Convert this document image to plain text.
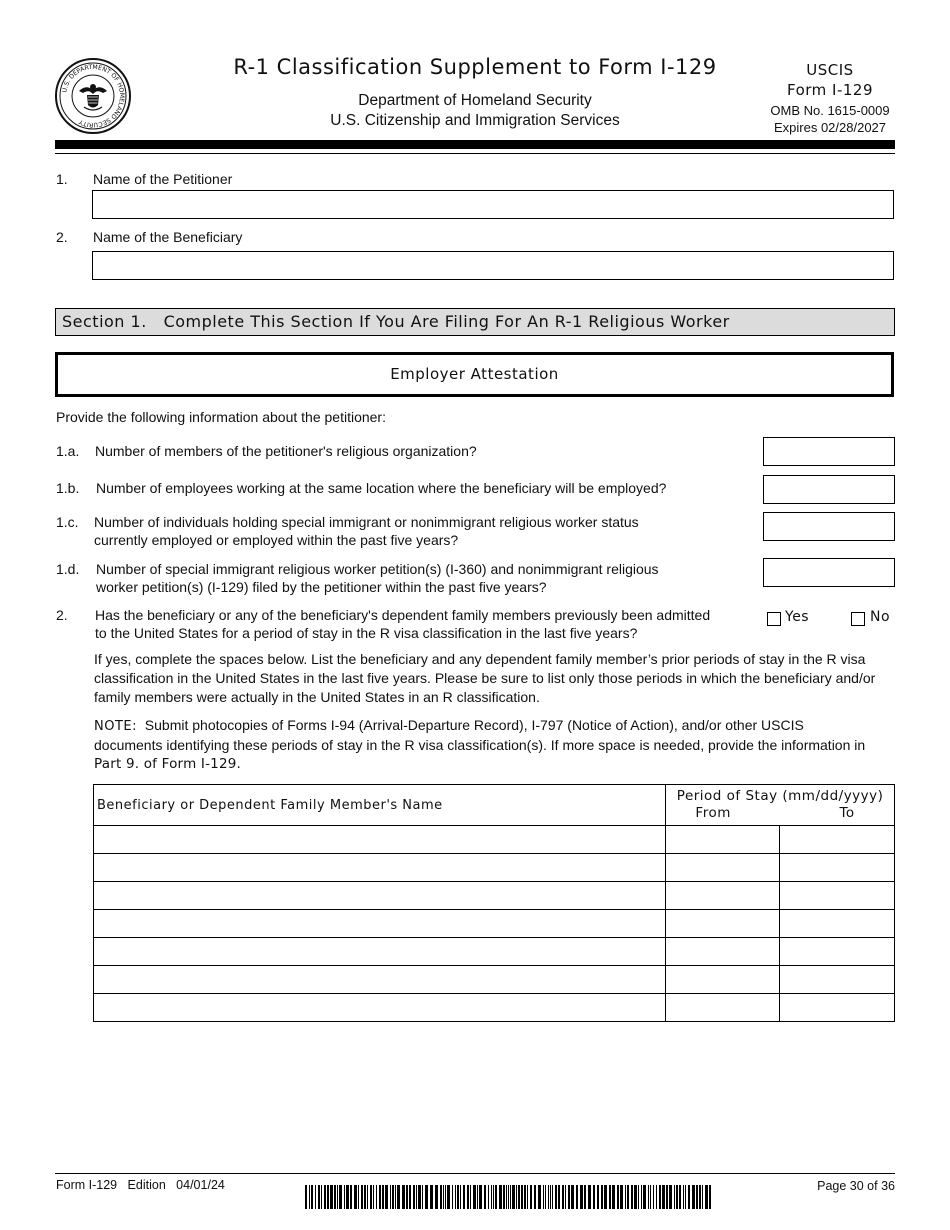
U.S. DEPARTMENT OF HOMELAND SECURITY
R-1 Classification Supplement to Form I-129
Department of Homeland Security
U.S. Citizenship and Immigration Services
USCIS
Form I-129
OMB No. 1615-0009
Expires 02/28/2027
1. Name of the Petitioner
2. Name of the Beneficiary
Section 1. Complete This Section If You Are Filing For An R-1 Religious Worker
Employer Attestation
Provide the following information about the petitioner:
1.a. Number of members of the petitioner's religious organization?
1.b. Number of employees working at the same location where the beneficiary will be employed?
1.c. Number of individuals holding special immigrant or nonimmigrant religious worker status
currently employed or employed within the past five years?
1.d. Number of special immigrant religious worker petition(s) (I-360) and nonimmigrant religious
worker petition(s) (I-129) filed by the petitioner within the past five years?
2. Has the beneficiary or any of the beneficiary's dependent family members previously been admitted
to the United States for a period of stay in the R visa classification in the last five years?
Yes	No
If yes, complete the spaces below. List the beneficiary and any dependent family member’s prior periods of stay in the R visa
classification in the United States in the last five years. Please be sure to list only those periods in which the beneficiary and/or
family members were actually in the United States in an R classification.
NOTE: Submit photocopies of Forms I-94 (Arrival-Departure Record), I-797 (Notice of Action), and/or other USCIS
documents identifying these periods of stay in the R visa classification(s). If more space is needed, provide the information in
Part 9. of Form I-129.
Beneficiary or Dependent Family Member's Name	Period of Stay (mm/dd/yyyy)
From To	

Form I-129   Edition   04/01/24	Page 30 of 36
